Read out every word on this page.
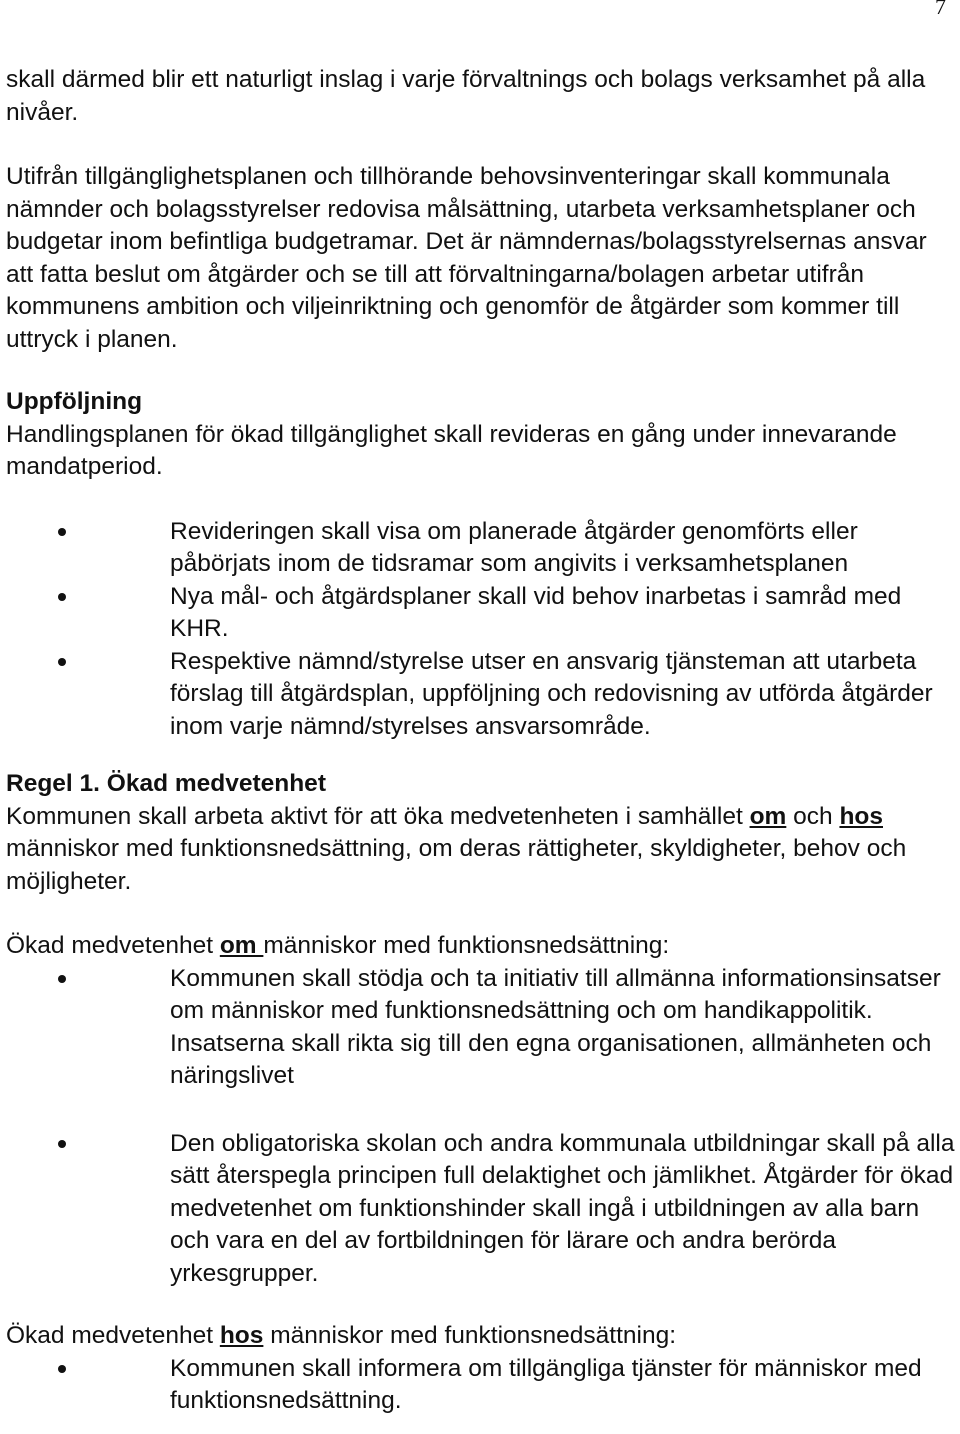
7

skall därmed blir ett naturligt inslag i varje förvaltnings och bolags verksamhet på alla nivåer.

Utifrån tillgänglighetsplanen och tillhörande behovsinventeringar skall kommunala nämnder och bolagsstyrelser redovisa målsättning, utarbeta verksamhetsplaner och budgetar inom befintliga budgetramar. Det är nämndernas/bolagsstyrelsernas ansvar att fatta beslut om åtgärder och se till att förvaltningarna/bolagen arbetar utifrån kommunens ambition och viljeinriktning och genomför de åtgärder som kommer till uttryck i planen.

Uppföljning

Handlingsplanen för ökad tillgänglighet skall revideras en gång under innevarande mandatperiod.

Revideringen skall visa om planerade åtgärder genomförts eller påbörjats inom de tidsramar som angivits i verksamhetsplanen
Nya mål- och åtgärdsplaner skall vid behov inarbetas i samråd med KHR.
Respektive nämnd/styrelse utser en ansvarig tjänsteman att utarbeta förslag till åtgärdsplan, uppföljning och redovisning av utförda åtgärder inom varje nämnd/styrelses ansvarsområde.

Regel 1. Ökad medvetenhet

Kommunen skall arbeta aktivt för att öka medvetenheten i samhället om och hos människor med funktionsnedsättning, om deras rättigheter, skyldigheter, behov och möjligheter.

Ökad medvetenhet om människor med funktionsnedsättning:

Kommunen skall stödja och ta initiativ till allmänna informationsinsatser om människor med funktionsnedsättning och om handikappolitik. Insatserna skall rikta sig till den egna organisationen, allmänheten och näringslivet
Den obligatoriska skolan och andra kommunala utbildningar skall på alla sätt återspegla principen full delaktighet och jämlikhet. Åtgärder för ökad medvetenhet om funktionshinder skall ingå i utbildningen av alla barn och vara en del av fortbildningen för lärare och andra berörda yrkesgrupper.

Ökad medvetenhet hos människor med funktionsnedsättning:

Kommunen skall informera om tillgängliga tjänster för människor med funktionsnedsättning.
